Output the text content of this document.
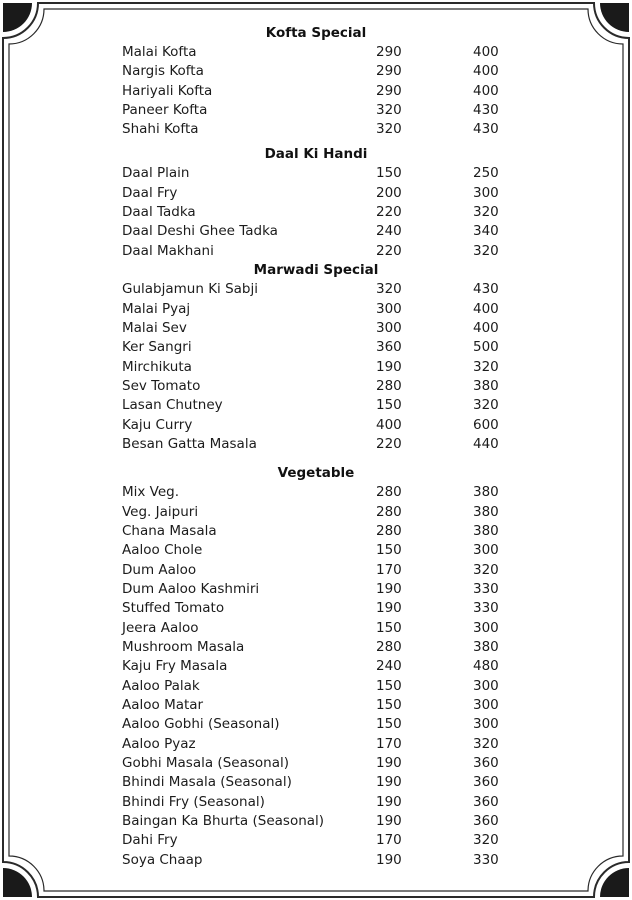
Kofta Special
Malai Kofta	290	400
Nargis Kofta	290	400
Hariyali Kofta	290	400
Paneer Kofta	320	430
Shahi Kofta	320	430
Daal Ki Handi
Daal Plain	150	250
Daal Fry	200	300
Daal Tadka	220	320
Daal Deshi Ghee Tadka	240	340
Daal Makhani	220	320
Marwadi Special
Gulabjamun Ki Sabji	320	430
Malai Pyaj	300	400
Malai Sev	300	400
Ker Sangri	360	500
Mirchikuta	190	320
Sev Tomato	280	380
Lasan Chutney	150	320
Kaju Curry	400	600
Besan Gatta Masala	220	440
Vegetable
Mix Veg.	280	380
Veg. Jaipuri	280	380
Chana Masala	280	380
Aaloo Chole	150	300
Dum Aaloo	170	320
Dum Aaloo Kashmiri	190	330
Stuffed Tomato	190	330
Jeera Aaloo	150	300
Mushroom Masala	280	380
Kaju Fry Masala	240	480
Aaloo Palak	150	300
Aaloo Matar	150	300
Aaloo Gobhi (Seasonal)	150	300
Aaloo Pyaz	170	320
Gobhi Masala (Seasonal)	190	360
Bhindi Masala (Seasonal)	190	360
Bhindi Fry (Seasonal)	190	360
Baingan Ka Bhurta (Seasonal)	190	360
Dahi Fry	170	320
Soya Chaap	190	330
